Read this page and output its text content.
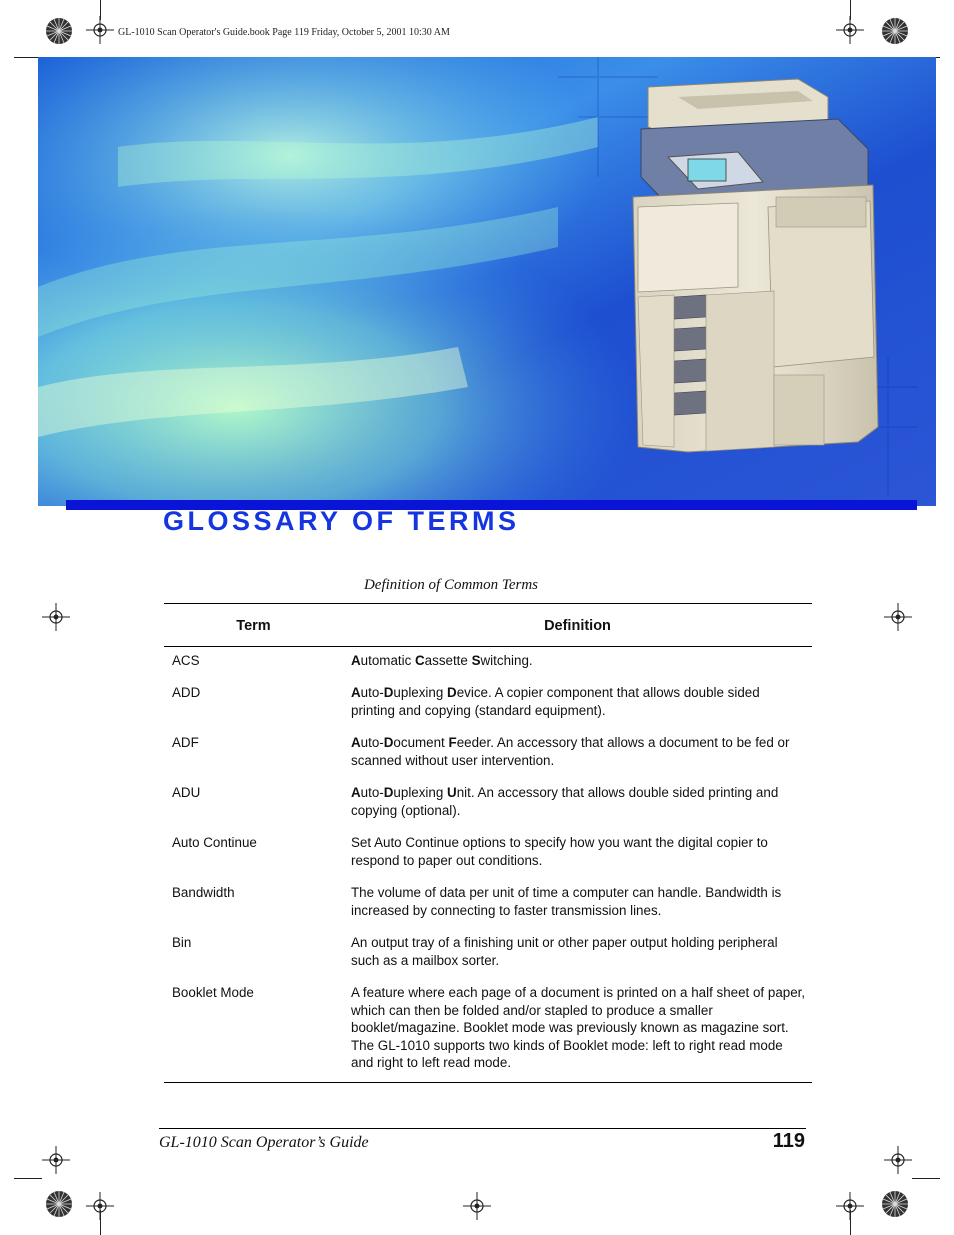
GL-1010 Scan Operator's Guide.book Page 119 Friday, October 5, 2001 10:30 AM
GLOSSARY OF TERMS
Definition of Common Terms
Term	Definition
ACS	Automatic Cassette Switching.
ADD	Auto-Duplexing Device. A copier component that allows double sided printing and copying (standard equipment).
ADF	Auto-Document Feeder. An accessory that allows a document to be fed or scanned without user intervention.
ADU	Auto-Duplexing Unit. An accessory that allows double sided printing and copying (optional).
Auto Continue	Set Auto Continue options to specify how you want the digital copier to respond to paper out conditions.
Bandwidth	The volume of data per unit of time a computer can handle. Bandwidth is increased by connecting to faster transmission lines.
Bin	An output tray of a finishing unit or other paper output holding peripheral such as a mailbox sorter.
Booklet Mode	A feature where each page of a document is printed on a half sheet of paper, which can then be folded and/or stapled to produce a smaller booklet/magazine. Booklet mode was previously known as magazine sort. The GL-1010 supports two kinds of Booklet mode: left to right read mode and right to left read mode.
GL-1010 Scan Operator’s Guide	119
